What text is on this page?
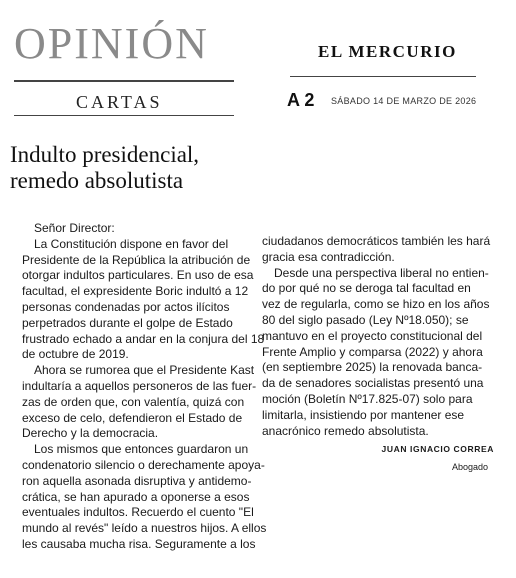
OPINIÓN
CARTAS
EL MERCURIO
A 2 SÁBADO 14 DE MARZO DE 2026
Indulto presidencial,
remedo absolutista
Señor Director:
La Constitución dispone en favor del
Presidente de la República la atribución de
otorgar indultos particulares. En uso de esa
facultad, el expresidente Boric indultó a 12
personas condenadas por actos ilícitos
perpetrados durante el golpe de Estado
frustrado echado a andar en la conjura del 18
de octubre de 2019.
Ahora se rumorea que el Presidente Kast
indultaría a aquellos personeros de las fuer-
zas de orden que, con valentía, quizá con
exceso de celo, defendieron el Estado de
Derecho y la democracia.
Los mismos que entonces guardaron un
condenatorio silencio o derechamente apoya-
ron aquella asonada disruptiva y antidemo-
crática, se han apurado a oponerse a esos
eventuales indultos. Recuerdo el cuento "El
mundo al revés" leído a nuestros hijos. A ellos
les causaba mucha risa. Seguramente a los
ciudadanos democráticos también les hará
gracia esa contradicción.
Desde una perspectiva liberal no entien-
do por qué no se deroga tal facultad en
vez de regularla, como se hizo en los años
80 del siglo pasado (Ley Nº18.050); se
mantuvo en el proyecto constitucional del
Frente Amplio y comparsa (2022) y ahora
(en septiembre 2025) la renovada banca-
da de senadores socialistas presentó una
moción (Boletín Nº17.825-07) solo para
limitarla, insistiendo por mantener ese
anacrónico remedo absolutista.
JUAN IGNACIO CORREA
Abogado
